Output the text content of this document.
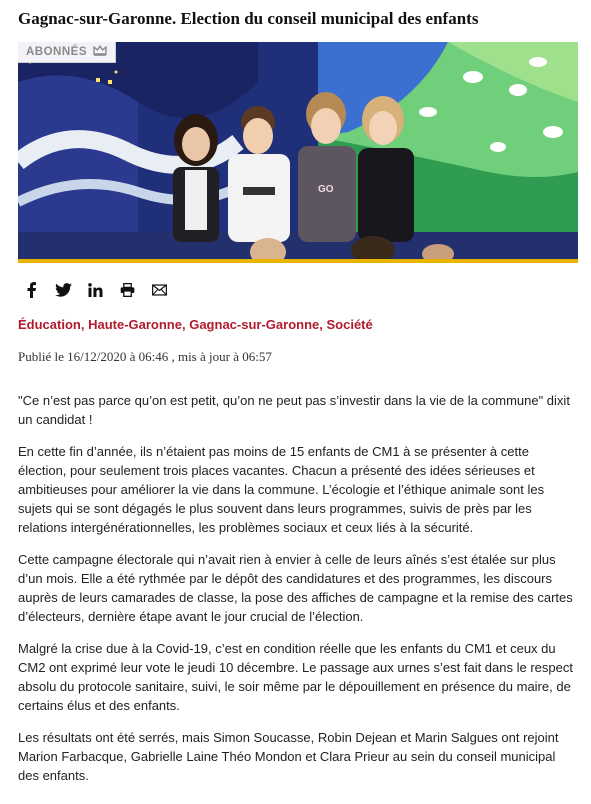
Gagnac-sur-Garonne. Election du conseil municipal des enfants
GO
ABONNÉS
Éducation, Haute-Garonne, Gagnac-sur-Garonne, Société
Publié le 16/12/2020 à 06:46 , mis à jour à 06:57

"Ce n’est pas parce qu’on est petit, qu’on ne peut pas s’investir dans la vie de la commune" dixit un candidat !

En cette fin d’année, ils n’étaient pas moins de 15 enfants de CM1 à se présenter à cette élection, pour seulement trois places vacantes. Chacun a présenté des idées sérieuses et ambitieuses pour améliorer la vie dans la commune. L’écologie et l’éthique animale sont les sujets qui se sont dégagés le plus souvent dans leurs programmes, suivis de près par les relations intergénérationnelles, les problèmes sociaux et ceux liés à la sécurité.

Cette campagne électorale qui n’avait rien à envier à celle de leurs aînés s’est étalée sur plus d’un mois. Elle a été rythmée par le dépôt des candidatures et des programmes, les discours auprès de leurs camarades de classe, la pose des affiches de campagne et la remise des cartes d’électeurs, dernière étape avant le jour crucial de l’élection.

Malgré la crise due à la Covid-19, c’est en condition réelle que les enfants du CM1 et ceux du CM2 ont exprimé leur vote le jeudi 10 décembre. Le passage aux urnes s’est fait dans le respect absolu du protocole sanitaire, suivi, le soir même par le dépouillement en présence du maire, de certains élus et des enfants.

Les résultats ont été serrés, mais Simon Soucasse, Robin Dejean et Marin Salgues ont rejoint Marion Farbacque, Gabrielle Laine Théo Mondon et Clara Prieur au sein du conseil municipal des enfants.
